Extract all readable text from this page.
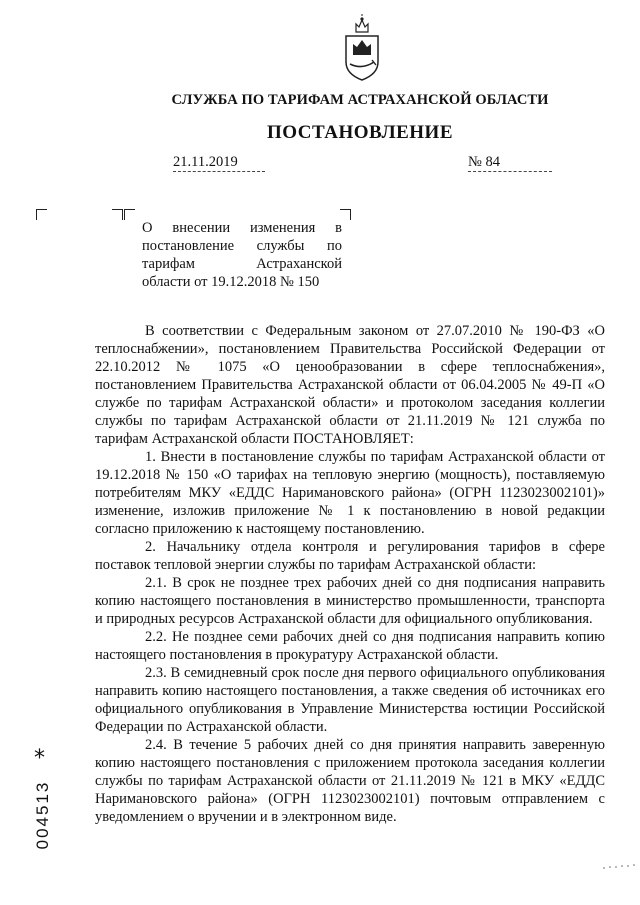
СЛУЖБА ПО ТАРИФАМ АСТРАХАНСКОЙ ОБЛАСТИ
ПОСТАНОВЛЕНИЕ
21.11.2019	№ 84
О внесении изменения в
постановление службы по
тарифам Астраханской
области от 19.12.2018 № 150

В соответствии с Федеральным законом от 27.07.2010 № 190-ФЗ «О теплоснабжении», постановлением Правительства Российской Федерации от 22.10.2012 № 1075 «О ценообразовании в сфере теплоснабжения», постановлением Правительства Астраханской области от 06.04.2005 № 49-П «О службе по тарифам Астраханской области» и протоколом заседания коллегии службы по тарифам Астраханской области от 21.11.2019 № 121 служба по тарифам Астраханской области ПОСТАНОВЛЯЕТ:

1. Внести в постановление службы по тарифам Астраханской области от 19.12.2018 № 150 «О тарифах на тепловую энергию (мощность), поставляемую потребителям МКУ «ЕДДС Наримановского района» (ОГРН 1123023002101)» изменение, изложив приложение № 1 к постановлению в новой редакции согласно приложению к настоящему постановлению.

2. Начальнику отдела контроля и регулирования тарифов в сфере поставок тепловой энергии службы по тарифам Астраханской области:

2.1. В срок не позднее трех рабочих дней со дня подписания направить копию настоящего постановления в министерство промышленности, транспорта и природных ресурсов Астраханской области для официального опубликования.

2.2. Не позднее семи рабочих дней со дня подписания направить копию настоящего постановления в прокуратуру Астраханской области.

2.3. В семидневный срок после дня первого официального опубликования направить копию настоящего постановления, а также сведения об источниках его официального опубликования в Управление Министерства юстиции Российской Федерации по Астраханской области.

2.4. В течение 5 рабочих дней со дня принятия направить заверенную копию настоящего постановления с приложением протокола заседания коллегии службы по тарифам Астраханской области от 21.11.2019 № 121 в МКУ «ЕДДС Наримановского района» (ОГРН 1123023002101) почтовым отправлением с уведомлением о вручении и в электронном виде.

*
004513
